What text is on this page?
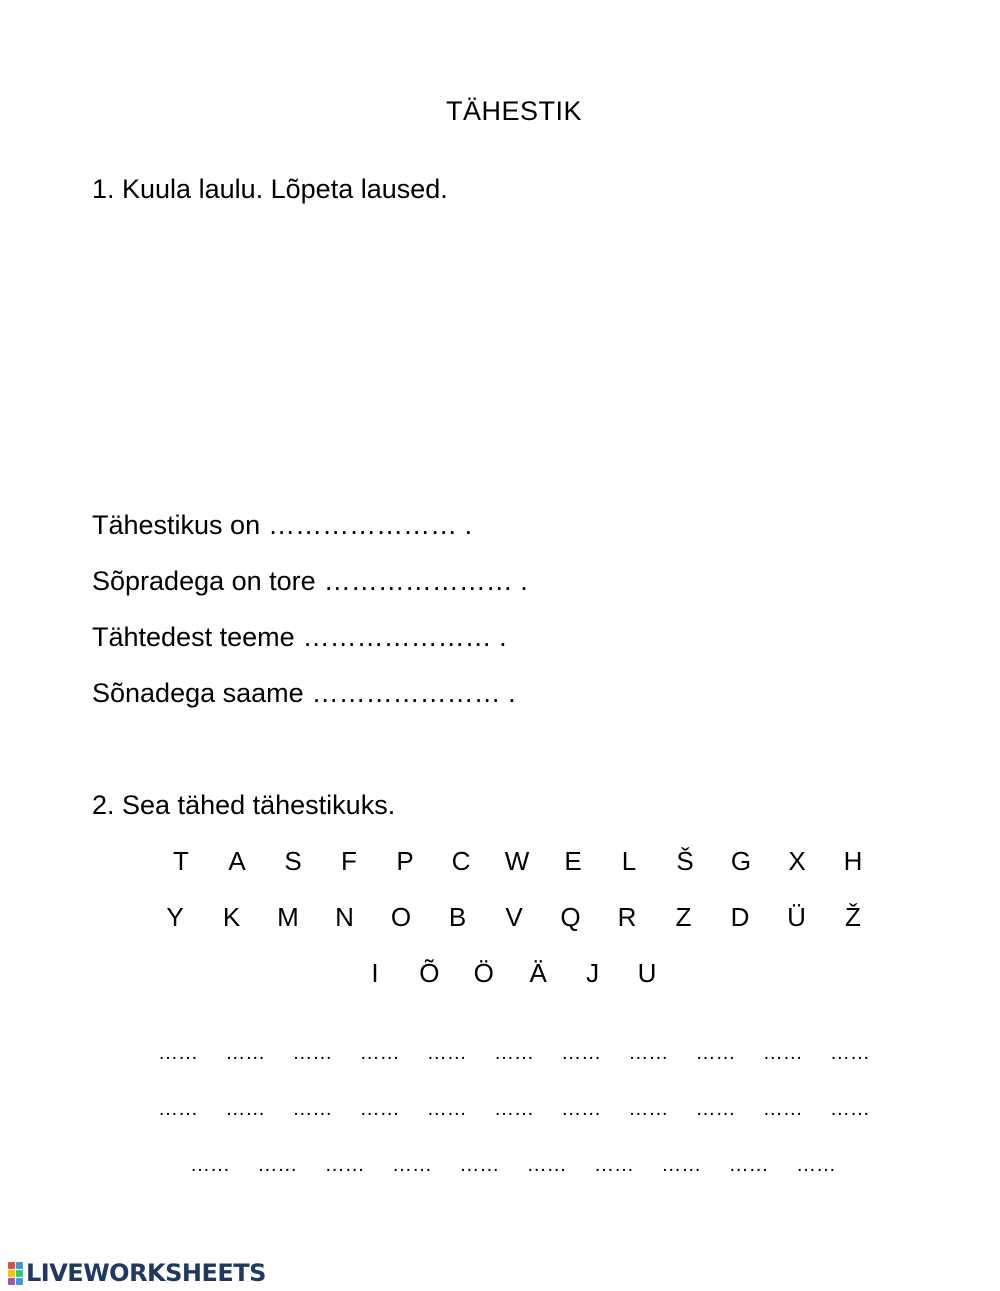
TÄHESTIK
1. Kuula laulu. Lõpeta laused.
Tähestikus on ………………… .
Sõpradega on tore ………………… .
Tähtedest teeme ………………… .
Sõnadega saame ………………… .
2. Sea tähed tähestikuks.
T A S F P C W E L Š G X H
Y K M N O B V Q R Z D Ü Ž
I	Õ Ö Ä	J	U
…… …… …… …… …… …… …… …… …… …… ……
…… …… …… …… …… …… …… …… …… …… ……
…… …… …… …… …… …… …… …… …… ……
LIVEWORKSHEETS
